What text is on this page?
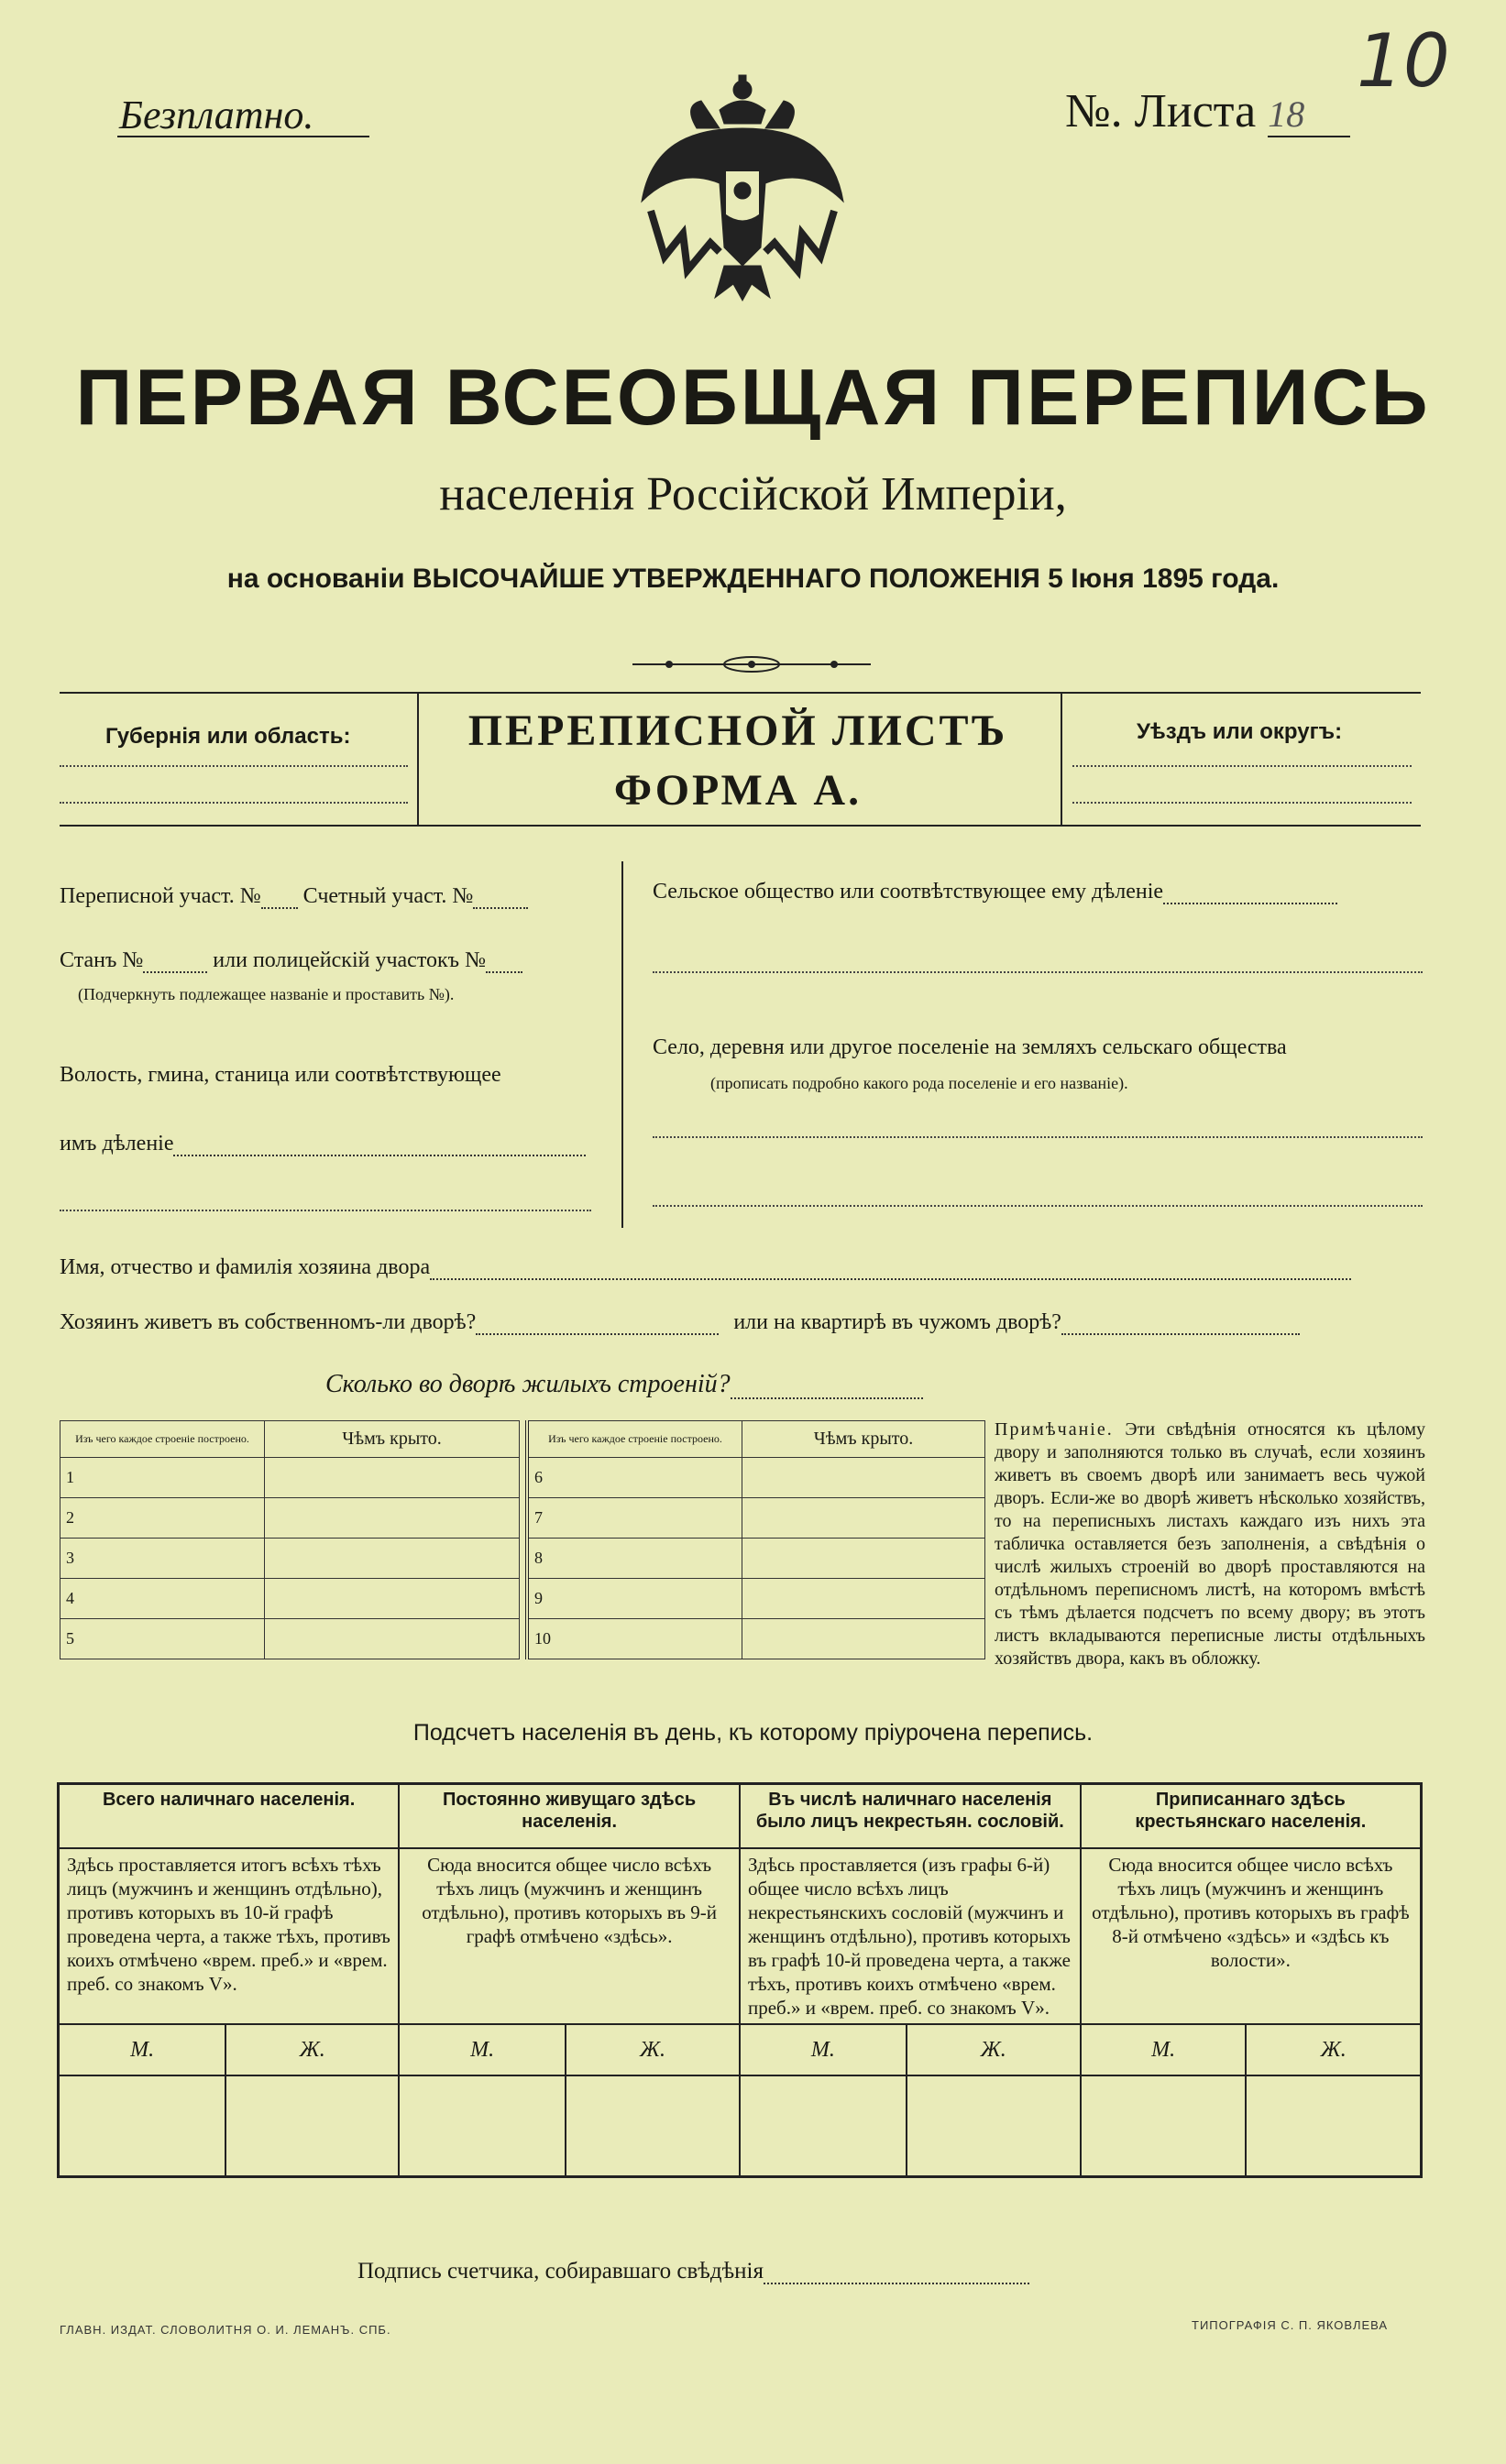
Безплатно.	№. Листа 18
10
ПЕРВАЯ ВСЕОБЩАЯ ПЕРЕПИСЬ
населенія Россійской Имперіи,
на основаніи ВЫСОЧАЙШЕ УТВЕРЖДЕННАГО ПОЛОЖЕНІЯ 5 Іюня 1895 года.
Губернія или область:	ПЕРЕПИСНОЙ ЛИСТЪ
ФОРМА А.
Уѣздъ или округъ:
Переписной участ. № Счетный участ. №
Станъ №	или полицейскій участокъ №
(Подчеркнуть подлежащее названіе и проставить №).
Волость, гмина, станица или соотвѣтствующее
имъ дѣленіе
Сельское общество или соотвѣтствующее ему дѣленіе
Село, деревня или другое поселеніе на земляхъ сельскаго общества
(прописать подробно какого рода поселеніе и его названіе).
Имя, отчество и фамилія хозяина двора
Хозяинъ живетъ въ собственномъ-ли дворѣ?	или на квартирѣ въ чужомъ дворѣ?
Сколько во дворѣ жилыхъ строеній?
Изъ чего каждое строеніе построено.	Чѣмъ крыто.
1	
2	
3	
4	
5	
Изъ чего каждое строеніе построено.	Чѣмъ крыто.
6	
7	
8	
9	
10	
Примѣчаніе. Эти свѣдѣнія относятся къ цѣлому двору и заполняются только въ случаѣ, если хозяинъ живетъ въ своемъ дворѣ или занимаетъ весь чужой дворъ. Если-же во дворѣ живетъ нѣсколько хозяйствъ, то на переписныхъ листахъ каждаго изъ нихъ эта табличка оставляется безъ заполненія, а свѣдѣнія о числѣ жилыхъ строеній во дворѣ проставляются на отдѣльномъ переписномъ листѣ, на которомъ вмѣстѣ съ тѣмъ дѣлается подсчетъ по всему двору; въ этотъ листъ вкладываются переписные листы отдѣльныхъ хозяйствъ двора, какъ въ обложку.
Подсчетъ населенія въ день, къ которому пріурочена перепись.
Всего наличнаго населенія.		Постоянно живущаго здѣсь населенія.		Въ числѣ наличнаго населенія было лицъ некрестьян. сословій.		Приписаннаго здѣсь крестьянскаго населенія.	
Здѣсь проставляется итогъ всѣхъ тѣхъ лицъ (мужчинъ и женщинъ отдѣльно), противъ которыхъ въ 10-й графѣ проведена черта, а также тѣхъ, противъ коихъ отмѣчено «врем. преб.» и «врем. преб. со знакомъ V».		Сюда вносится общее число всѣхъ тѣхъ лицъ (мужчинъ и женщинъ отдѣльно), противъ которыхъ въ 9-й графѣ отмѣчено «здѣсь».		Здѣсь проставляется (изъ графы 6-й) общее число всѣхъ лицъ некрестьянскихъ сословій (мужчинъ и женщинъ отдѣльно), противъ которыхъ въ графѣ 10-й проведена черта, а также тѣхъ, противъ коихъ отмѣчено «врем. преб.» и «врем. преб. со знакомъ V».		Сюда вносится общее число всѣхъ тѣхъ лицъ (мужчинъ и женщинъ отдѣльно), противъ которыхъ въ графѣ 8-й отмѣчено «здѣсь» и «здѣсь къ волости».	
М.	Ж.	М.	Ж.	М.	Ж.	М.	Ж.

Подпись счетчика, собиравшаго свѣдѣнія
ГЛАВН. ИЗДАТ. СЛОВОЛИТНЯ О. И. ЛЕМАНЪ. СПБ.	ТИПОГРАФІЯ С. П. ЯКОВЛЕВА
